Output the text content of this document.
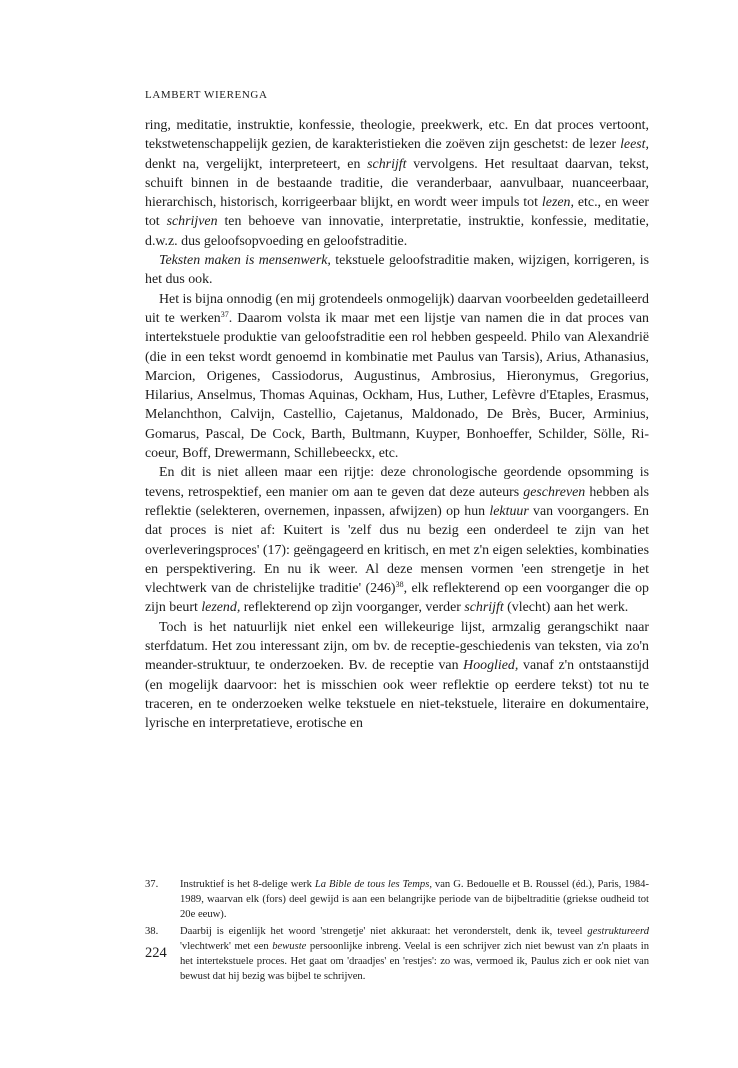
LAMBERT WIERENGA

ring, meditatie, instruktie, konfessie, theologie, preekwerk, etc. En dat proces vertoont, tekstwetenschappelijk gezien, de karakteristieken die zoëven zijn geschetst: de lezer leest, denkt na, vergelijkt, interpreteert, en schrijft vervolgens. Het resultaat daarvan, tekst, schuift binnen in de bestaande traditie, die veranderbaar, aanvulbaar, nuanceerbaar, hierarchisch, historisch, korrigeerbaar blijkt, en wordt weer impuls tot lezen, etc., en weer tot schrijven ten behoeve van innovatie, interpretatie, instruktie, konfessie, meditatie, d.w.z. dus geloofsopvoeding en geloofstraditie.

Teksten maken is mensenwerk, tekstuele geloofstraditie maken, wijzigen, korrigeren, is het dus ook.

Het is bijna onnodig (en mij grotendeels onmogelijk) daarvan voorbeelden gedetailleerd uit te werken$^{37}$. Daarom volsta ik maar met een lijstje van namen die in dat proces van intertekstuele produktie van geloofstraditie een rol hebben gespeeld. Philo van Alexandrië (die in een tekst wordt genoemd in kombinatie met Paulus van Tarsis), Arius, Athanasius, Marcion, Origenes, Cassiodorus, Augustinus, Ambrosius, Hieronymus, Gregorius, Hilarius, Anselmus, Thomas Aquinas, Ockham, Hus, Luther, Lefèvre d'Etaples, Erasmus, Melanchthon, Calvijn, Castellio, Cajetanus, Maldonado, De Brès, Bucer, Arminius, Gomarus, Pascal, De Cock, Barth, Bultmann, Kuyper, Bonhoeffer, Schilder, Sölle, Ricoeur, Boff, Drewermann, Schillebeeckx, etc.

En dit is niet alleen maar een rijtje: deze chronologische geordende opsomming is tevens, retrospektief, een manier om aan te geven dat deze auteurs geschreven hebben als reflektie (selekteren, overnemen, inpassen, afwijzen) op hun lektuur van voorgangers. En dat proces is niet af: Kuitert is 'zelf dus nu bezig een onderdeel te zijn van het overleveringsproces' (17): geëngageerd en kritisch, en met z'n eigen selekties, kombinaties en perspektivering. En nu ik weer. Al deze mensen vormen 'een strengetje in het vlechtwerk van de christelijke traditie' $(246)^{38}$, elk reflekterend op een voorganger die op zijn beurt lezend, reflekterend op zìjn voorganger, verder schrijft (vlecht) aan het werk.

Toch is het natuurlijk niet enkel een willekeurige lijst, armzalig gerangschikt naar sterfdatum. Het zou interessant zijn, om bv. de receptie-geschiedenis van teksten, via zo'n meander-struktuur, te onderzoeken. Bv. de receptie van Hooglied, vanaf z'n ontstaanstijd (en mogelijk daarvoor: het is misschien ook weer reflektie op eerdere tekst) tot nu te traceren, en te onderzoeken welke tekstuele en niet-tekstuele, literaire en dokumentaire, lyrische en interpretatieve, erotische en

37. Instruktief is het 8-delige werk La Bible de tous les Temps, van G. Bedouelle et B. Roussel (éd.), Paris, 1984-1989, waarvan elk (fors) deel gewijd is aan een belangrijke periode van de bijbeltraditie (griekse oudheid tot 20e eeuw).
38. Daarbij is eigenlijk het woord 'strengetje' niet akkuraat: het veronderstelt, denk ik, teveel gestruktureerd 'vlechtwerk' met een bewuste persoonlijke inbreng. Veelal is een schrijver zich niet bewust van z'n plaats in het intertekstuele proces. Het gaat om 'draadjes' en 'restjes': zo was, vermoed ik, Paulus zich er ook niet van bewust dat hij bezig was bijbel te schrijven.
224
